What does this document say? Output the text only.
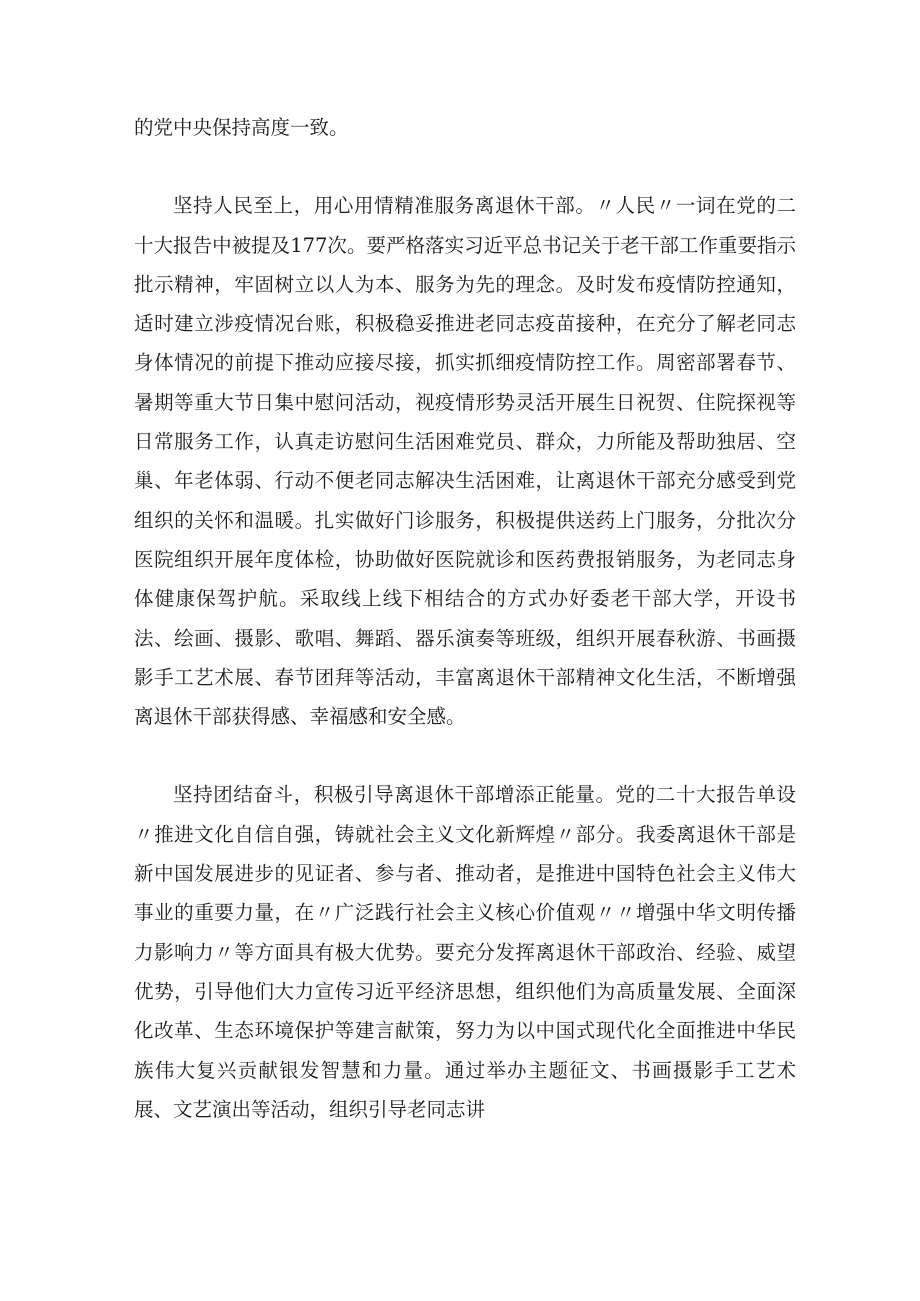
的党中央保持高度一致。

坚持人民至上，用心用情精准服务离退休干部。〃人民〃一词在党的二十大报告中被提及177次。要严格落实习近平总书记关于老干部工作重要指示批示精神，牢固树立以人为本、服务为先的理念。及时发布疫情防控通知，适时建立涉疫情况台账，积极稳妥推进老同志疫苗接种，在充分了解老同志身体情况的前提下推动应接尽接，抓实抓细疫情防控工作。周密部署春节、暑期等重大节日集中慰问活动，视疫情形势灵活开展生日祝贺、住院探视等日常服务工作，认真走访慰问生活困难党员、群众，力所能及帮助独居、空巢、年老体弱、行动不便老同志解决生活困难，让离退休干部充分感受到党组织的关怀和温暖。扎实做好门诊服务，积极提供送药上门服务，分批次分医院组织开展年度体检，协助做好医院就诊和医药费报销服务，为老同志身体健康保驾护航。采取线上线下相结合的方式办好委老干部大学，开设书法、绘画、摄影、歌唱、舞蹈、器乐演奏等班级，组织开展春秋游、书画摄影手工艺术展、春节团拜等活动，丰富离退休干部精神文化生活，不断增强离退休干部获得感、幸福感和安全感。

坚持团结奋斗，积极引导离退休干部增添正能量。党的二十大报告单设〃推进文化自信自强，铸就社会主义文化新辉煌〃部分。我委离退休干部是新中国发展进步的见证者、参与者、推动者，是推进中国特色社会主义伟大事业的重要力量，在〃广泛践行社会主义核心价值观〃〃增强中华文明传播力影响力〃等方面具有极大优势。要充分发挥离退休干部政治、经验、威望优势，引导他们大力宣传习近平经济思想，组织他们为高质量发展、全面深化改革、生态环境保护等建言献策，努力为以中国式现代化全面推进中华民族伟大复兴贡献银发智慧和力量。通过举办主题征文、书画摄影手工艺术展、文艺演出等活动，组织引导老同志讲
